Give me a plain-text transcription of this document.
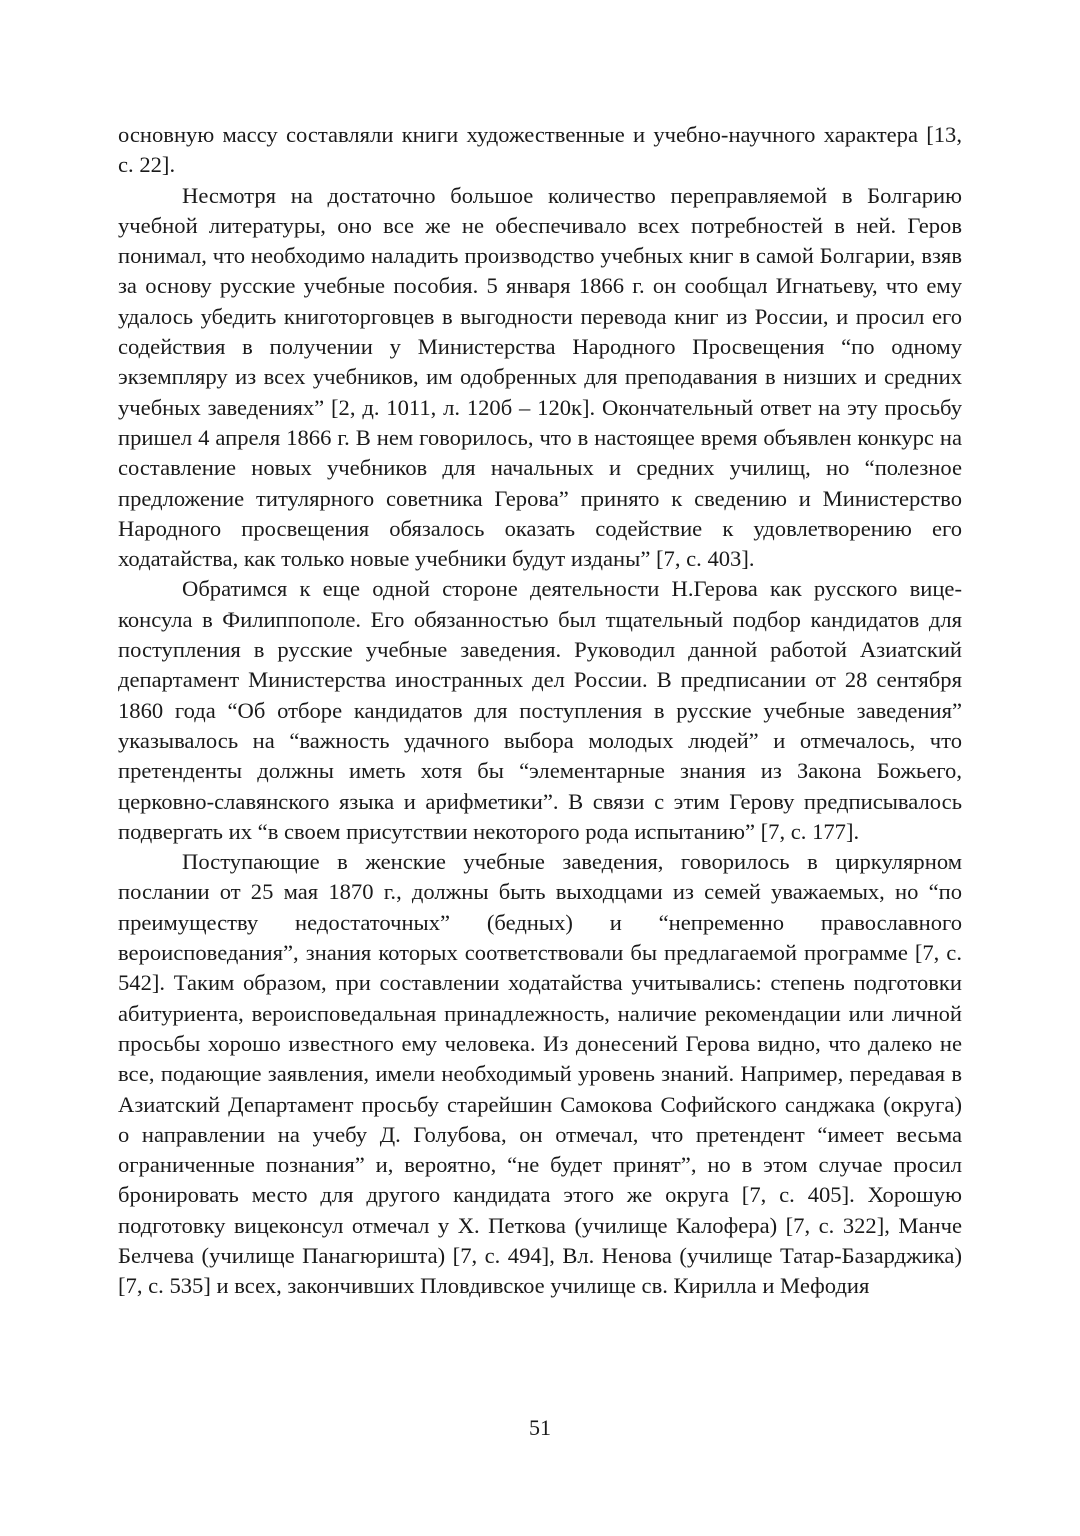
основную массу составляли книги художественные и учебно-научного характера [13, с. 22].

Несмотря на достаточно большое количество переправляемой в Болгарию учебной литературы, оно все же не обеспечивало всех потребностей в ней. Геров понимал, что необходимо наладить производство учебных книг в самой Болгарии, взяв за основу русские учебные пособия. 5 января 1866 г. он сообщал Игнатьеву, что ему удалось убедить книготорговцев в выгодности перевода книг из России, и просил его содействия в получении у Министерства Народного Просвещения “по одному экземпляру из всех учебников, им одобренных для преподавания в низших и средних учебных заведениях” [2, д. 1011, л. 120б – 120к]. Окончательный ответ на эту просьбу пришел 4 апреля 1866 г. В нем говорилось, что в настоящее время объявлен конкурс на составление новых учебников для начальных и средних училищ, но “полезное предложение титулярного советника Герова” принято к сведению и Министерство Народного просвещения обязалось оказать содействие к удовлетворению его ходатайства, как только новые учебники будут изданы” [7, с. 403].

Обратимся к еще одной стороне деятельности Н.Герова как русского вице-консула в Филиппополе. Его обязанностью был тщательный подбор кандидатов для поступления в русские учебные заведения. Руководил данной работой Азиатский департамент Министерства иностранных дел России. В предписании от 28 сентября 1860 года “Об отборе кандидатов для поступления в русские учебные заведения” указывалось на “важность удачного выбора молодых людей” и отмечалось, что претенденты должны иметь хотя бы “элементарные знания из Закона Божьего, церковно-славянского языка и арифметики”. В связи с этим Герову предписывалось подвергать их “в своем присутствии некоторого рода испытанию” [7, с. 177].

Поступающие в женские учебные заведения, говорилось в циркулярном послании от 25 мая 1870 г., должны быть выходцами из семей уважаемых, но “по преимуществу недостаточных” (бедных) и “непременно православного вероисповедания”, знания которых соответствовали бы предлагаемой программе [7, с. 542]. Таким образом, при составлении ходатайства учитывались: степень подготовки абитуриента, вероисповедальная принадлежность, наличие рекомендации или личной просьбы хорошо известного ему человека. Из донесений Герова видно, что далеко не все, подающие заявления, имели необходимый уровень знаний. Например, передавая в Азиатский Департамент просьбу старейшин Самокова Софийского санджака (округа) о направлении на учебу Д. Голубова, он отмечал, что претендент “имеет весьма ограниченные познания” и, вероятно, “не будет принят”, но в этом случае просил бронировать место для другого кандидата этого же округа [7, с. 405]. Хорошую подготовку вицеконсул отмечал у Х. Петкова (училище Калофера) [7, с. 322], Манче Белчева (училище Панагюришта) [7, с. 494], Вл. Ненова (училище Татар-Базарджика) [7, с. 535] и всех, закончивших Пловдивское училище св. Кирилла и Мефодия

51
